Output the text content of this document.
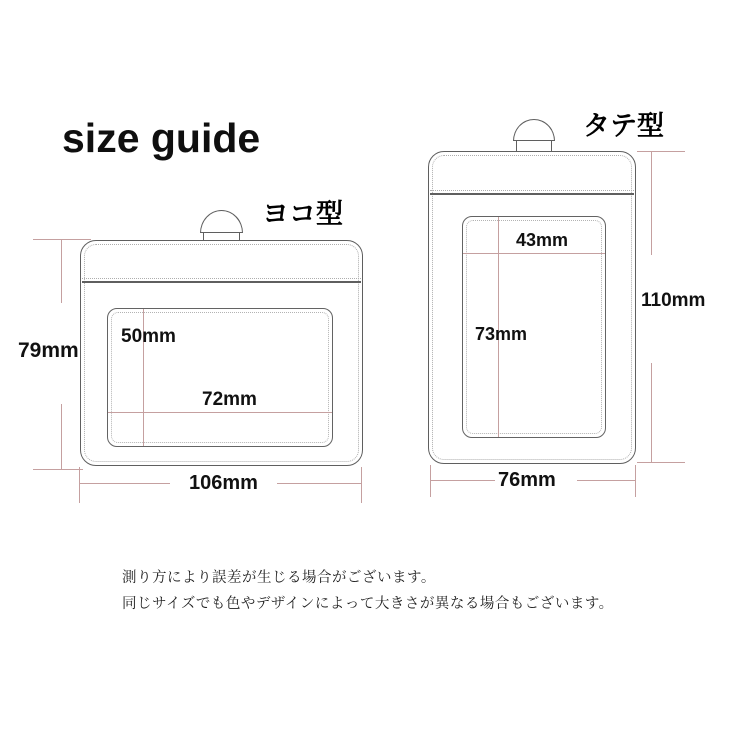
size guide
ヨコ型
50mm
72mm
79mm
106mm
タテ型
43mm
73mm
110mm
76mm
測り方により誤差が生じる場合がございます。
同じサイズでも色やデザインによって大きさが異なる場合もございます。
